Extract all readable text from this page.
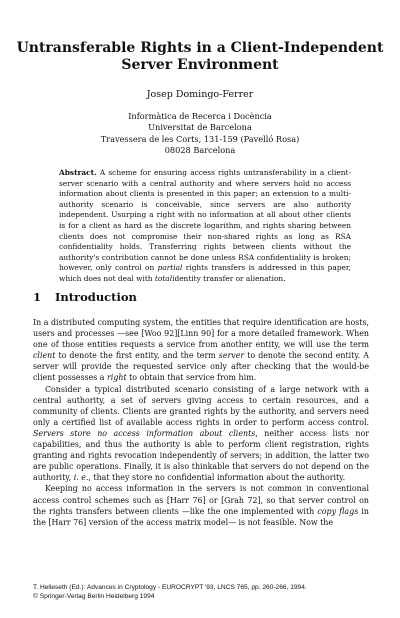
Untransferable Rights in a Client-Independent
Server Environment
Josep Domingo-Ferrer
Informàtica de Recerca i Docència
Universitat de Barcelona
Travessera de les Corts, 131-159 (Pavelló Rosa)
08028 Barcelona
Abstract. A scheme for ensuring access rights untransferability in a client-server scenario with a central authority and where servers hold no access information about clients is presented in this paper; an extension to a multi-authority scenario is conceivable, since servers are also authority independent. Usurping a right with no information at all about other clients is for a client as hard as the discrete logarithm, and rights sharing between clients does not compromise their non-shared rights as long as RSA confidentiality holds. Transferring rights between clients without the authority's contribution cannot be done unless RSA confidentiality is broken; however, only control on partial rights transfers is addressed in this paper, which does not deal with totalidentity transfer or alienation.
1 Introduction

In a distributed computing system, the entities that require identification are hosts, users and processes —see [Woo 92][Linn 90] for a more detailed framework. When one of those entities requests a service from another entity, we will use the term client to denote the first entity, and the term server to denote the second entity. A server will provide the requested service only after checking that the would-be client possesses a right to obtain that service from him.

Consider a typical distributed scenario consisting of a large network with a central authority, a set of servers giving access to certain resources, and a community of clients. Clients are granted rights by the authority, and servers need only a certified list of available access rights in order to perform access control. Servers store no access information about clients, neither access lists nor capabilities, and thus the authority is able to perform client registration, rights granting and rights revocation independently of servers; in addition, the latter two are public operations. Finally, it is also thinkable that servers do not depend on the authority, i. e., that they store no confidential information about the authority.

Keeping no access information in the servers is not common in conventional access control schemes such as [Harr 76] or [Grah 72], so that server control on the rights transfers between clients —like the one implemented with copy flags in the [Harr 76] version of the access matrix model— is not feasible. Now the

T. Helleseth (Ed.): Advances in Cryptology - EUROCRYPT '93, LNCS 765, pp. 260-266, 1994.
© Springer-Verlag Berlin Heidelberg 1994
